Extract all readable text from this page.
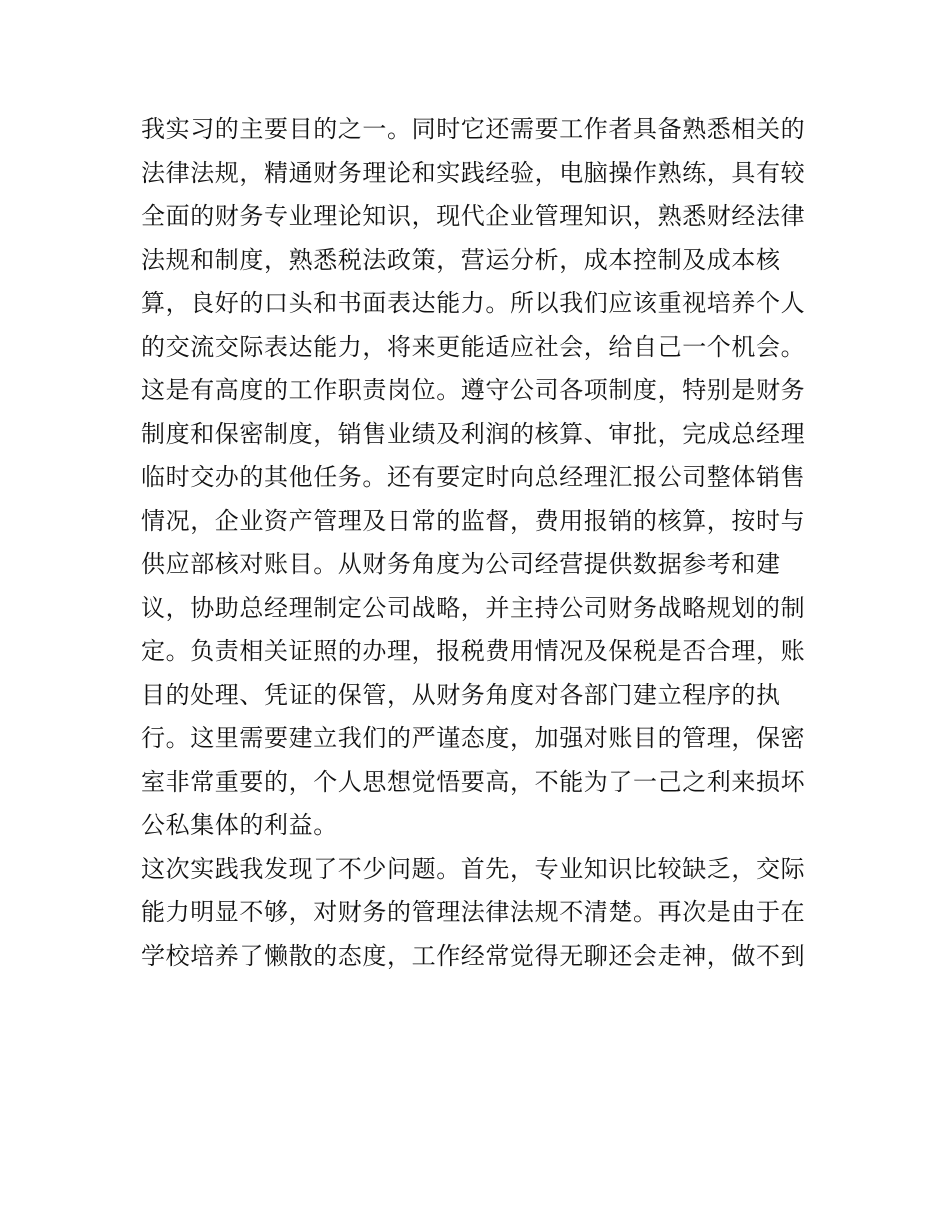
我实习的主要目的之一。同时它还需要工作者具备熟悉相关的
法律法规，精通财务理论和实践经验，电脑操作熟练，具有较
全面的财务专业理论知识，现代企业管理知识，熟悉财经法律
法规和制度，熟悉税法政策，营运分析，成本控制及成本核
算，良好的口头和书面表达能力。所以我们应该重视培养个人
的交流交际表达能力，将来更能适应社会，给自己一个机会。
这是有高度的工作职责岗位。遵守公司各项制度，特别是财务
制度和保密制度，销售业绩及利润的核算、审批，完成总经理
临时交办的其他任务。还有要定时向总经理汇报公司整体销售
情况，企业资产管理及日常的监督，费用报销的核算，按时与
供应部核对账目。从财务角度为公司经营提供数据参考和建
议，协助总经理制定公司战略，并主持公司财务战略规划的制
定。负责相关证照的办理，报税费用情况及保税是否合理，账
目的处理、凭证的保管，从财务角度对各部门建立程序的执
行。这里需要建立我们的严谨态度，加强对账目的管理，保密
室非常重要的，个人思想觉悟要高，不能为了一己之利来损坏
公私集体的利益。
这次实践我发现了不少问题。首先，专业知识比较缺乏，交际
能力明显不够，对财务的管理法律法规不清楚。再次是由于在
学校培养了懒散的态度，工作经常觉得无聊还会走神，做不到
